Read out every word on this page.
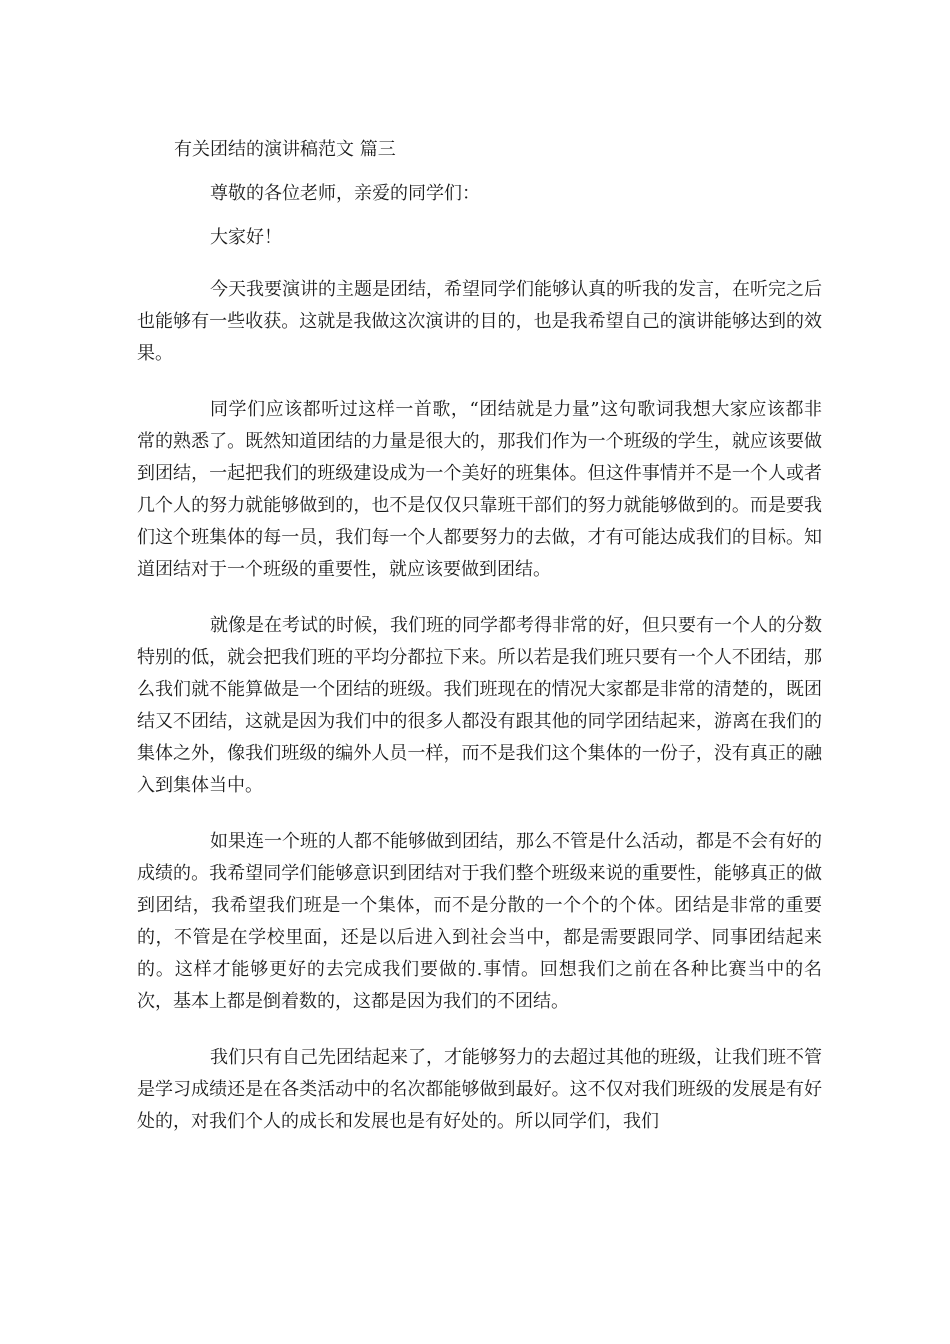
有关团结的演讲稿范文 篇三

尊敬的各位老师，亲爱的同学们：

大家好！

今天我要演讲的主题是团结，希望同学们能够认真的听我的发言，在听完之后也能够有一些收获。这就是我做这次演讲的目的，也是我希望自己的演讲能够达到的效果。

同学们应该都听过这样一首歌，“团结就是力量”这句歌词我想大家应该都非常的熟悉了。既然知道团结的力量是很大的，那我们作为一个班级的学生，就应该要做到团结，一起把我们的班级建设成为一个美好的班集体。但这件事情并不是一个人或者几个人的努力就能够做到的，也不是仅仅只靠班干部们的努力就能够做到的。而是要我们这个班集体的每一员，我们每一个人都要努力的去做，才有可能达成我们的目标。知道团结对于一个班级的重要性，就应该要做到团结。

就像是在考试的时候，我们班的同学都考得非常的好，但只要有一个人的分数特别的低，就会把我们班的平均分都拉下来。所以若是我们班只要有一个人不团结，那么我们就不能算做是一个团结的班级。我们班现在的情况大家都是非常的清楚的，既团结又不团结，这就是因为我们中的很多人都没有跟其他的同学团结起来，游离在我们的集体之外，像我们班级的编外人员一样，而不是我们这个集体的一份子，没有真正的融入到集体当中。

如果连一个班的人都不能够做到团结，那么不管是什么活动，都是不会有好的成绩的。我希望同学们能够意识到团结对于我们整个班级来说的重要性，能够真正的做到团结，我希望我们班是一个集体，而不是分散的一个个的个体。团结是非常的重要的，不管是在学校里面，还是以后进入到社会当中，都是需要跟同学、同事团结起来的。这样才能够更好的去完成我们要做的.事情。回想我们之前在各种比赛当中的名次，基本上都是倒着数的，这都是因为我们的不团结。

我们只有自己先团结起来了，才能够努力的去超过其他的班级，让我们班不管是学习成绩还是在各类活动中的名次都能够做到最好。这不仅对我们班级的发展是有好处的，对我们个人的成长和发展也是有好处的。所以同学们，我们
